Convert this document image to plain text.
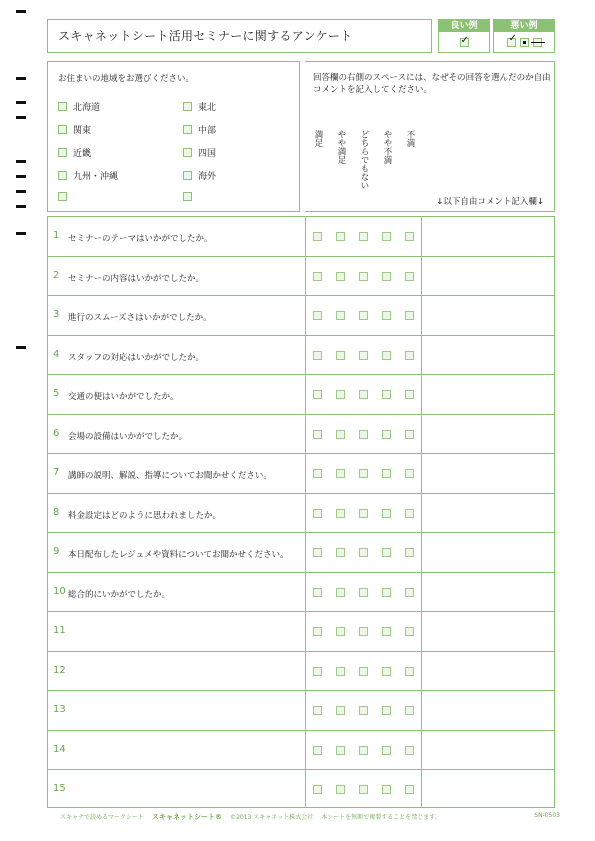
スキャネットシート活用セミナーに関するアンケート
良い例
✓
悪い例
✓
お住まいの地域をお選びください。
北海道
関東
近畿
九州・沖縄
東北
中部
四国
海外
回答欄の右側のスペースには、なぜその回答を選んだのか自由コメントを記入してください。
満足 やや満足 どちらでもない やや不満 不満
↓以下自由コメント記入欄↓
1 セミナーのテーマはいかがでしたか。
2 セミナーの内容はいかがでしたか。
3 進行のスムーズさはいかがでしたか。
4 スタッフの対応はいかがでしたか。
5 交通の便はいかがでしたか。
6 会場の設備はいかがでしたか。
7 講師の説明、解説、指導についてお聞かせください。
8 料金設定はどのように思われましたか。
9 本日配布したレジュメや資料についてお聞かせください。
10 総合的にいかがでしたか。
11
12
13
14
15
スキャナで読めるマークシート スキャネットシート® ©2013 スキャネット株式会社 本シートを無断で複製することを禁じます。	SN-0503
